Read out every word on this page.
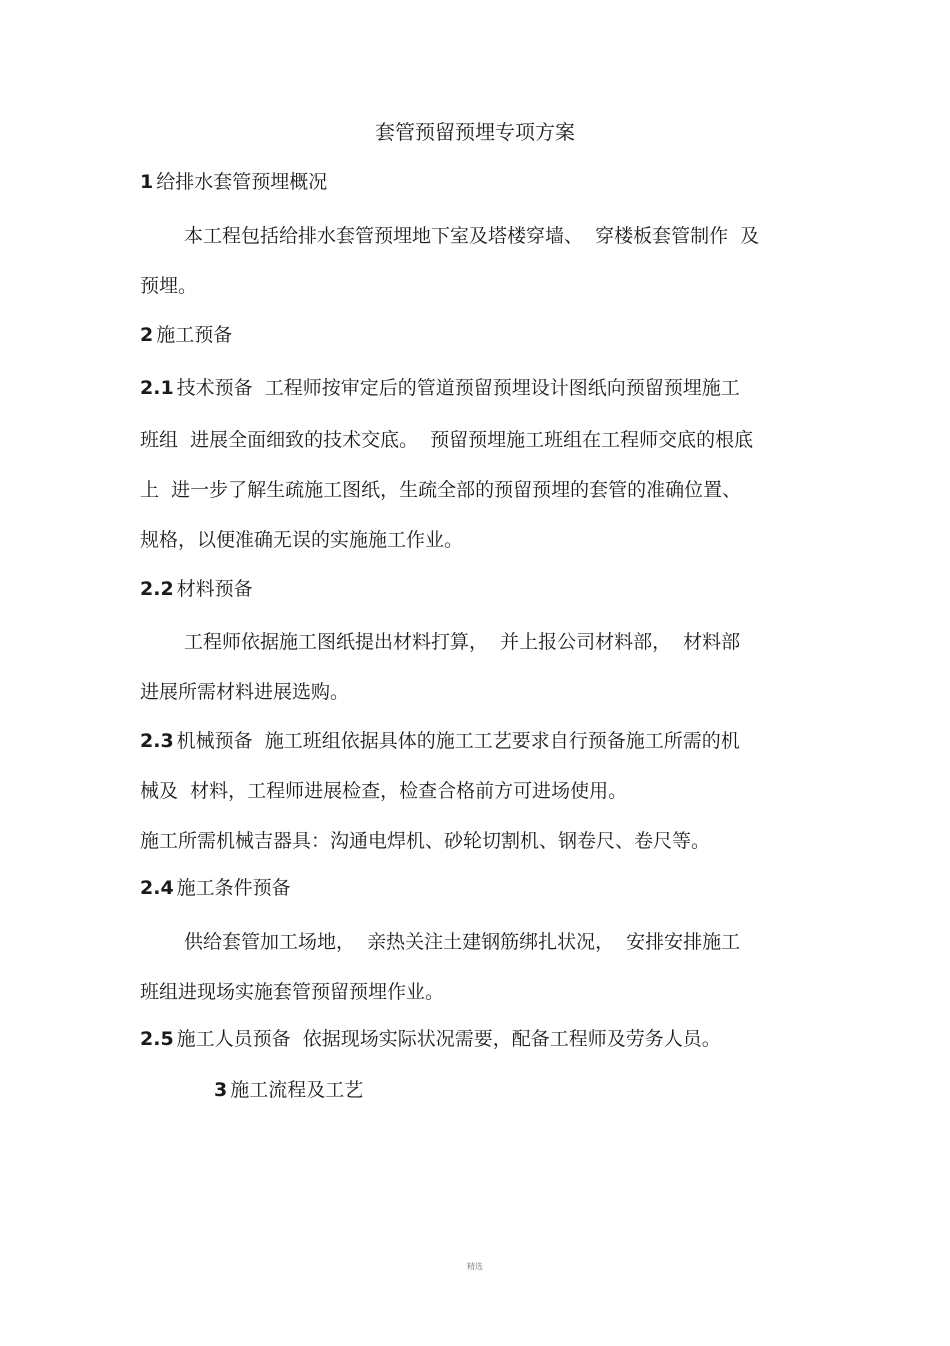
套管预留预埋专项方案

1 给排水套管预埋概况

本工程包括给排水套管预埋地下室及塔楼穿墙、  穿楼板套管制作  及

预埋。

2 施工预备

2.1 技术预备  工程师按审定后的管道预留预埋设计图纸向预留预埋施工

班组  进展全面细致的技术交底。  预留预埋施工班组在工程师交底的根底

上  进一步了解生疏施工图纸，生疏全部的预留预埋的套管的准确位置、

规格，以便准确无误的实施施工作业。

2.2 材料预备

工程师依据施工图纸提出材料打算，  并上报公司材料部，  材料部

进展所需材料进展选购。

2.3 机械预备  施工班组依据具体的施工工艺要求自行预备施工所需的机

械及  材料，工程师进展检查，检查合格前方可进场使用。

施工所需机械吉器具：沟通电焊机、砂轮切割机、钢卷尺、卷尺等。

2.4 施工条件预备

供给套管加工场地，  亲热关注土建钢筋绑扎状况，  安排安排施工

班组进现场实施套管预留预埋作业。

2.5 施工人员预备  依据现场实际状况需要，配备工程师及劳务人员。

3 施工流程及工艺

精选
